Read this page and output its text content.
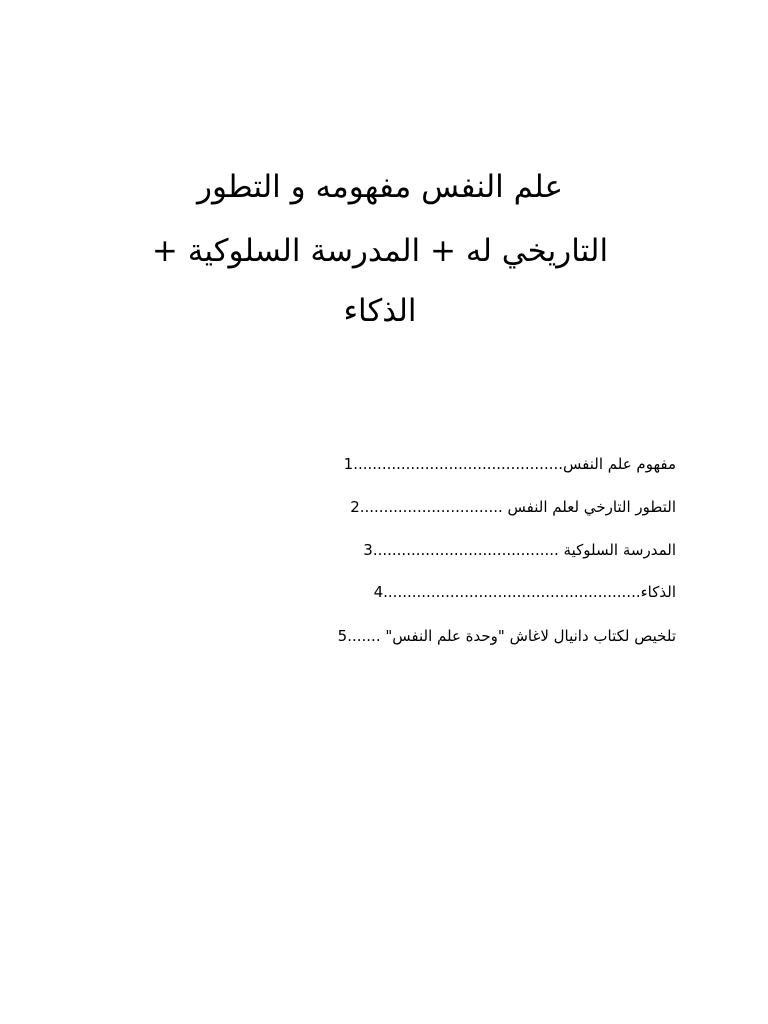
علم النفس مفهومه و التطور
التاريخي له + المدرسة السلوكية +
الذكاء
مفهوم علم النفس............................................1
التطور التارخي لعلم النفس ..............................2
المدرسة السلوكية .......................................3
الذكاء......................................................4
تلخيص لكتاب دانيال لاغاش "وحدة علم النفس" .......5
